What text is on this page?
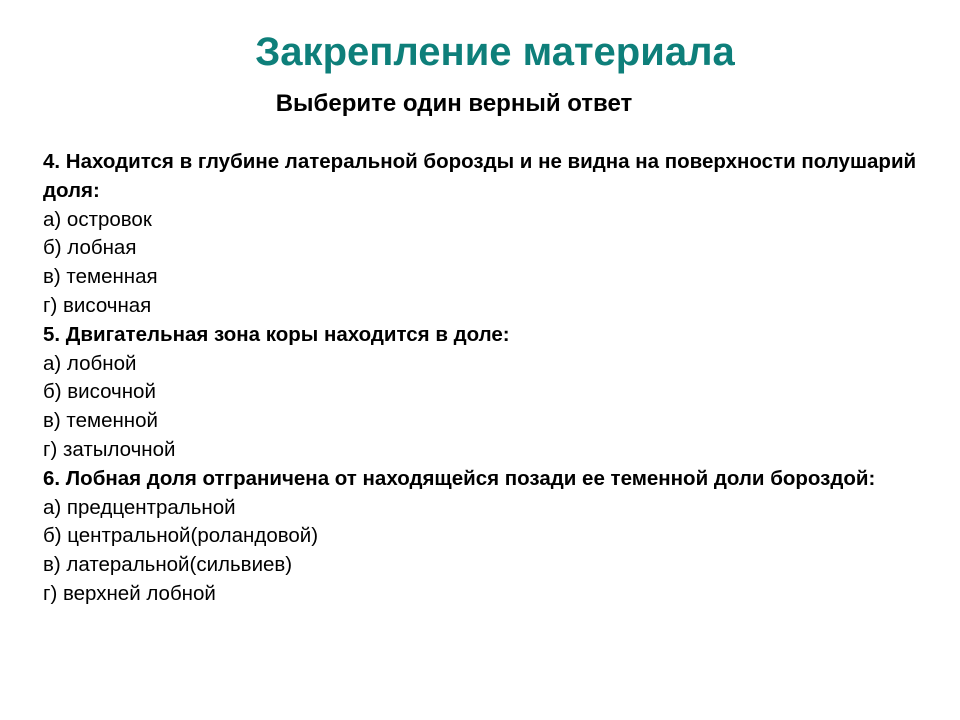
Закрепление материала
Выберите один верный ответ
4. Находится в глубине латеральной борозды и не видна на поверхности полушарий доля:
а) островок
б) лобная
в) теменная
г) височная
5. Двигательная зона коры находится в доле:
а) лобной
б) височной
в) теменной
г) затылочной
6. Лобная доля отграничена от находящейся позади ее теменной доли бороздой:
а) предцентральной
б) центральной(роландовой)
в) латеральной(сильвиев)
г) верхней лобной
